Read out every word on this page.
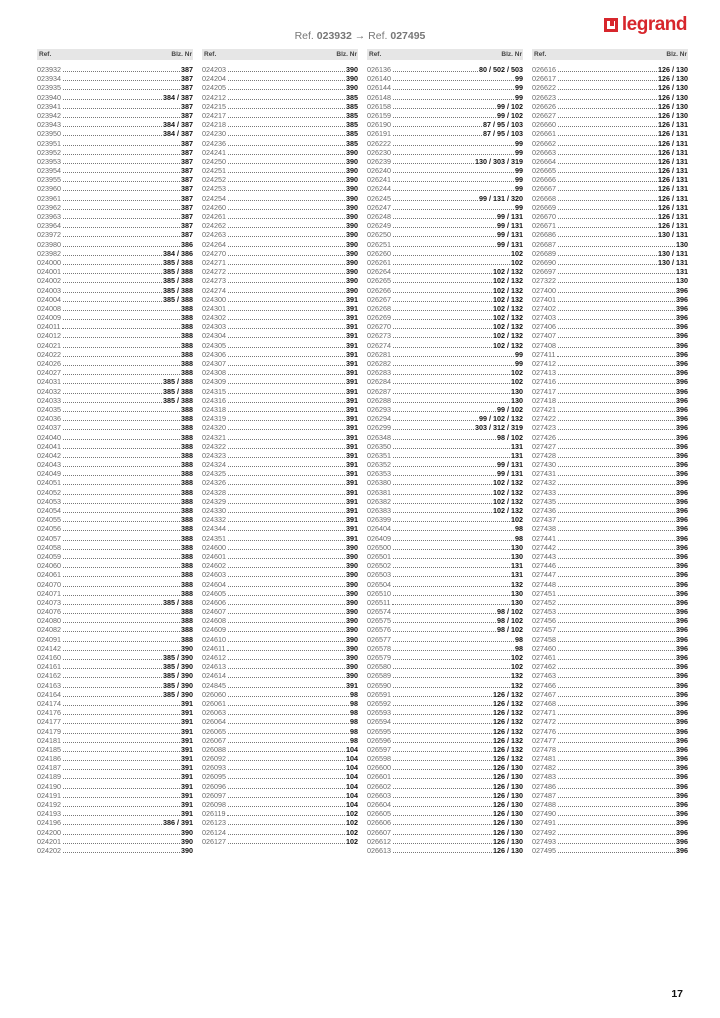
legrand
Ref. 023932 → Ref. 027495
Ref.	Blz. Nr
023932	387
023934	387
023935	387
023940	384 / 387
023941	387
023942	387
023943	384 / 387
023950	384 / 387
023951	387
023952	387
023953	387
023954	387
023955	387
023960	387
023961	387
023962	387
023963	387
023964	387
023972	387
023980	386
023982	384 / 386
024000	385 / 388
024001	385 / 388
024002	385 / 388
024003	385 / 388
024004	385 / 388
024008	388
024009	388
024011	388
024012	388
024021	388
024022	388
024026	388
024027	388
024031	385 / 388
024032	385 / 388
024033	385 / 388
024035	388
024036	388
024037	388
024040	388
024041	388
024042	388
024043	388
024049	388
024051	388
024052	388
024053	388
024054	388
024055	388
024056	388
024057	388
024058	388
024059	388
024060	388
024061	388
024070	388
024071	388
024073	385 / 388
024076	388
024080	388
024082	388
024091	388
024142	390
024160	385 / 390
024161	385 / 390
024162	385 / 390
024163	385 / 390
024164	385 / 390
024174	391
024176	391
024177	391
024179	391
024181	391
024185	391
024186	391
024187	391
024189	391
024190	391
024191	391
024192	391
024193	391
024196	386 / 391
024200	390
024201	390
024202	390
Ref.	Blz. Nr
024203	390
024204	390
024205	390
024212	385
024215	385
024217	385
024218	385
024230	385
024236	385
024241	390
024250	390
024251	390
024252	390
024253	390
024254	390
024260	390
024261	390
024262	390
024263	390
024264	390
024270	390
024271	390
024272	390
024273	390
024274	390
024300	391
024301	391
024302	391
024303	391
024304	391
024305	391
024306	391
024307	391
024308	391
024309	391
024315	391
024316	391
024318	391
024319	391
024320	391
024321	391
024322	391
024323	391
024324	391
024325	391
024326	391
024328	391
024329	391
024330	391
024332	391
024344	391
024351	391
024600	390
024601	390
024602	390
024603	390
024604	390
024605	390
024606	390
024607	390
024608	390
024609	390
024610	390
024611	390
024612	390
024613	390
024614	390
024845	391
026060	98
026061	98
026063	98
026064	98
026065	98
026067	98
026088	104
026092	104
026093	104
026095	104
026096	104
026097	104
026098	104
026119	102
026123	102
026124	102
026127	102
Ref.	Blz. Nr
026136	80 / 502 / 503
026140	99
026144	99
026148	99
026158	99 / 102
026159	99 / 102
026190	87 / 95 / 103
026191	87 / 95 / 103
026222	99
026230	99
026239	130 / 303 / 319
026240	99
026241	99
026244	99
026245	99 / 131 / 320
026247	99
026248	99 / 131
026249	99 / 131
026250	99 / 131
026251	99 / 131
026260	102
026261	102
026264	102 / 132
026265	102 / 132
026266	102 / 132
026267	102 / 132
026268	102 / 132
026269	102 / 132
026270	102 / 132
026273	102 / 132
026274	102 / 132
026281	99
026282	99
026283	102
026284	102
026287	130
026288	130
026293	99 / 102
026294	99 / 102 / 132
026299	303 / 312 / 319
026348	98 / 102
026350	131
026351	131
026352	99 / 131
026353	99 / 131
026380	102 / 132
026381	102 / 132
026382	102 / 132
026383	102 / 132
026399	102
026404	98
026409	98
026500	130
026501	130
026502	131
026503	131
026504	132
026510	130
026511	130
026574	98 / 102
026575	98 / 102
026576	98 / 102
026577	98
026578	98
026579	102
026580	102
026589	132
026590	132
026591	126 / 132
026592	126 / 132
026593	126 / 132
026594	126 / 132
026595	126 / 132
026596	126 / 132
026597	126 / 132
026598	126 / 132
026600	126 / 130
026601	126 / 130
026602	126 / 130
026603	126 / 130
026604	126 / 130
026605	126 / 130
026606	126 / 130
026607	126 / 130
026612	126 / 130
026613	126 / 130
Ref.	Blz. Nr
026616	126 / 130
026617	126 / 130
026622	126 / 130
026623	126 / 130
026626	126 / 130
026627	126 / 130
026660	126 / 131
026661	126 / 131
026662	126 / 131
026663	126 / 131
026664	126 / 131
026665	126 / 131
026666	126 / 131
026667	126 / 131
026668	126 / 131
026669	126 / 131
026670	126 / 131
026671	126 / 131
026686	130 / 131
026687	130
026689	130 / 131
026690	130 / 131
026697	131
027322	130
027400	396
027401	396
027402	396
027403	396
027406	396
027407	396
027408	396
027411	396
027412	396
027413	396
027416	396
027417	396
027418	396
027421	396
027422	396
027423	396
027426	396
027427	396
027428	396
027430	396
027431	396
027432	396
027433	396
027435	396
027436	396
027437	396
027438	396
027441	396
027442	396
027443	396
027446	396
027447	396
027448	396
027451	396
027452	396
027453	396
027456	396
027457	396
027458	396
027460	396
027461	396
027462	396
027463	396
027466	396
027467	396
027468	396
027471	396
027472	396
027476	396
027477	396
027478	396
027481	396
027482	396
027483	396
027486	396
027487	396
027488	396
027490	396
027491	396
027492	396
027493	396
027495	396
17
